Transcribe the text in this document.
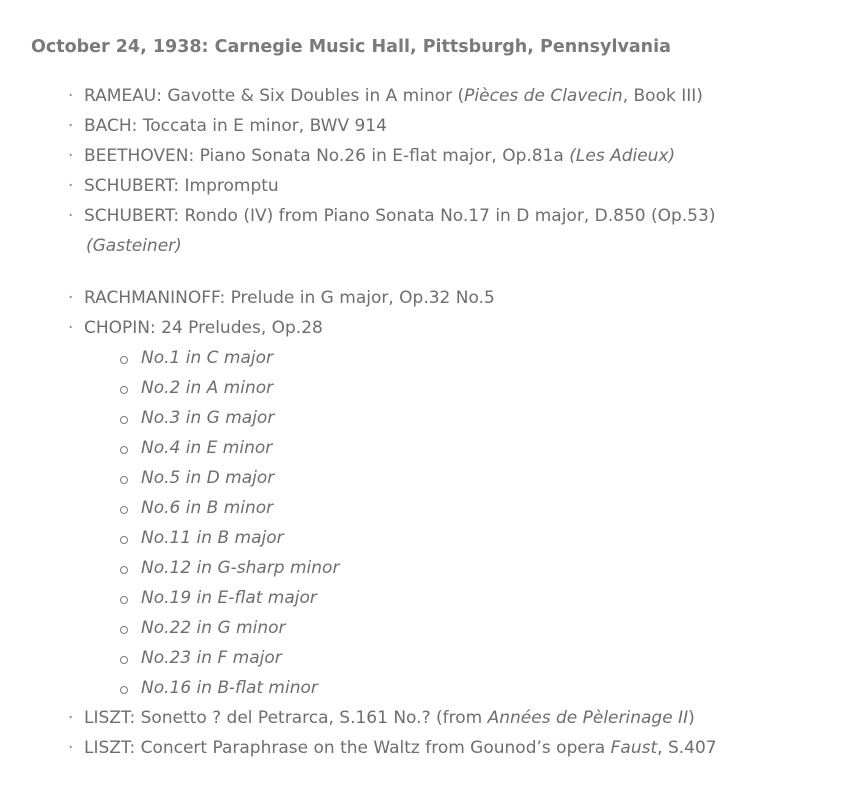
October 24, 1938: Carnegie Music Hall, Pittsburgh, Pennsylvania
· RAMEAU: Gavotte & Six Doubles in A minor (Pièces de Clavecin, Book III)
· BACH: Toccata in E minor, BWV 914
· BEETHOVEN: Piano Sonata No.26 in E-flat major, Op.81a (Les Adieux)
· SCHUBERT: Impromptu
· SCHUBERT: Rondo (IV) from Piano Sonata No.17 in D major, D.850 (Op.53)
(Gasteiner)
· RACHMANINOFF: Prelude in G major, Op.32 No.5
· CHOPIN: 24 Preludes, Op.28
No.1 in C major
No.2 in A minor
No.3 in G major
No.4 in E minor
No.5 in D major
No.6 in B minor
No.11 in B major
No.12 in G-sharp minor
No.19 in E-flat major
No.22 in G minor
No.23 in F major
No.16 in B-flat minor
· LISZT: Sonetto ? del Petrarca, S.161 No.? (from Années de Pèlerinage II)
· LISZT: Concert Paraphrase on the Waltz from Gounod’s opera Faust, S.407
